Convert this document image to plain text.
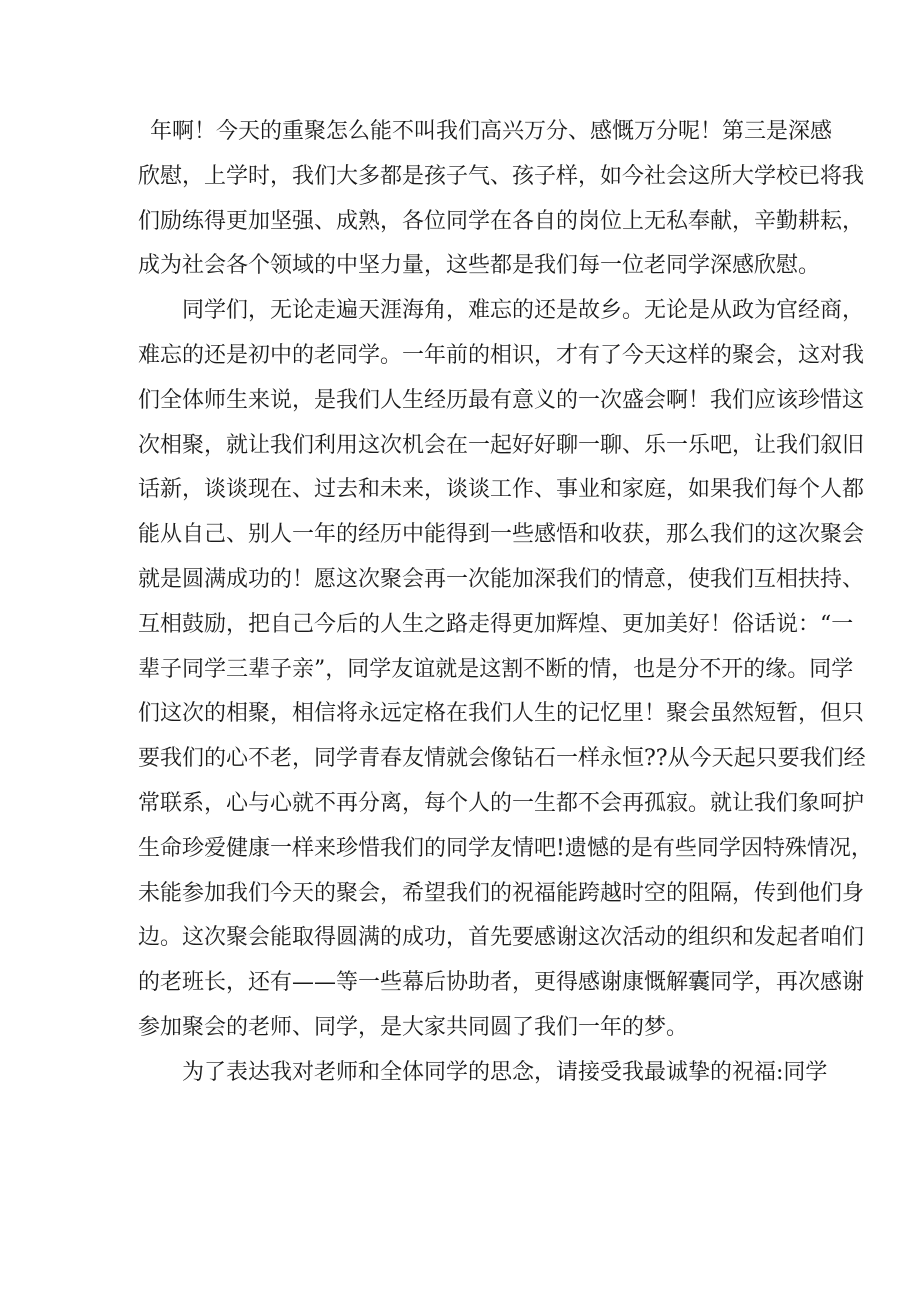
年啊！今天的重聚怎么能不叫我们高兴万分、感慨万分呢！第三是深感
欣慰，上学时，我们大多都是孩子气、孩子样，如今社会这所大学校已将我
们励练得更加坚强、成熟，各位同学在各自的岗位上无私奉献，辛勤耕耘，
成为社会各个领域的中坚力量，这些都是我们每一位老同学深感欣慰。
同学们，无论走遍天涯海角，难忘的还是故乡。无论是从政为官经商，
难忘的还是初中的老同学。一年前的相识，才有了今天这样的聚会，这对我
们全体师生来说，是我们人生经历最有意义的一次盛会啊！我们应该珍惜这
次相聚，就让我们利用这次机会在一起好好聊一聊、乐一乐吧，让我们叙旧
话新，谈谈现在、过去和未来，谈谈工作、事业和家庭，如果我们每个人都
能从自己、别人一年的经历中能得到一些感悟和收获，那么我们的这次聚会
就是圆满成功的！愿这次聚会再一次能加深我们的情意，使我们互相扶持、
互相鼓励，把自己今后的人生之路走得更加辉煌、更加美好！俗话说：“一
辈子同学三辈子亲”，同学友谊就是这割不断的情，也是分不开的缘。同学
们这次的相聚，相信将永远定格在我们人生的记忆里！聚会虽然短暂，但只
要我们的心不老，同学青春友情就会像钻石一样永恒??从今天起只要我们经
常联系，心与心就不再分离，每个人的一生都不会再孤寂。就让我们象呵护
生命珍爱健康一样来珍惜我们的同学友情吧!遗憾的是有些同学因特殊情况，
未能参加我们今天的聚会，希望我们的祝福能跨越时空的阻隔，传到他们身
边。这次聚会能取得圆满的成功，首先要感谢这次活动的组织和发起者咱们
的老班长，还有——等一些幕后协助者，更得感谢康慨解囊同学，再次感谢
参加聚会的老师、同学，是大家共同圆了我们一年的梦。
为了表达我对老师和全体同学的思念，请接受我最诚挚的祝福:同学
